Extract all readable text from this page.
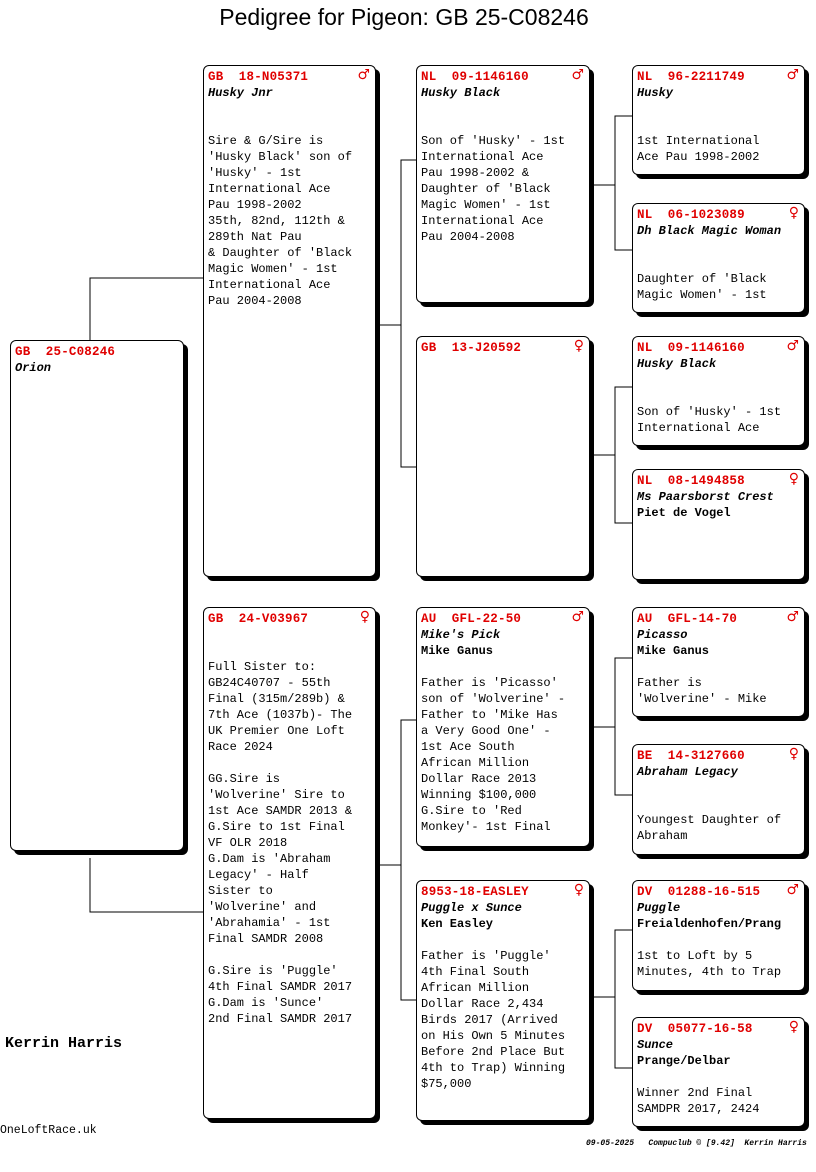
Pedigree for Pigeon: GB 25-C08246
GB  25-C08246
Orion
GB  18-N05371	♂
Husky Jnr
Sire & G/Sire is
'Husky Black' son of
'Husky' - 1st
International Ace
Pau 1998-2002
35th, 82nd, 112th &
289th Nat Pau
& Daughter of 'Black
Magic Women' - 1st
International Ace
Pau 2004-2008
GB  24-V03967	♀

Full Sister to:
GB24C40707 - 55th
Final (315m/289b) &
7th Ace (1037b)- The
UK Premier One Loft
Race 2024

GG.Sire is
'Wolverine' Sire to
1st Ace SAMDR 2013 &
G.Sire to 1st Final
VF OLR 2018
G.Dam is 'Abraham
Legacy' - Half
Sister to
'Wolverine' and
'Abrahamia' - 1st
Final SAMDR 2008

G.Sire is 'Puggle'
4th Final SAMDR 2017
G.Dam is 'Sunce'
2nd Final SAMDR 2017
NL  09-1146160	♂
Husky Black
Son of 'Husky' - 1st
International Ace
Pau 1998-2002 &
Daughter of 'Black
Magic Women' - 1st
International Ace
Pau 2004-2008
GB  13-J20592	♀
AU  GFL-22-50	♂
Mike's Pick
Mike Ganus
Father is 'Picasso'
son of 'Wolverine' -
Father to 'Mike Has
a Very Good One' -
1st Ace South
African Million
Dollar Race 2013
Winning $100,000
G.Sire to 'Red
Monkey'- 1st Final
8953-18-EASLEY	♀
Puggle x Sunce
Ken Easley
Father is 'Puggle'
4th Final South
African Million
Dollar Race 2,434
Birds 2017 (Arrived
on His Own 5 Minutes
Before 2nd Place But
4th to Trap) Winning
$75,000
NL  96-2211749	♂
Husky
1st International
Ace Pau 1998-2002
NL  06-1023089	♀
Dh Black Magic Woman
Daughter of 'Black
Magic Women' - 1st
NL  09-1146160	♂
Husky Black
Son of 'Husky' - 1st
International Ace
NL  08-1494858	♀
Ms Paarsborst Crest
Piet de Vogel
AU  GFL-14-70	♂
Picasso
Mike Ganus
Father is
'Wolverine' - Mike
BE  14-3127660	♀
Abraham Legacy

Youngest Daughter of
Abraham
DV  01288-16-515 ♂
Puggle
Freialdenhofen/Prang
1st to Loft by 5
Minutes, 4th to Trap
DV  05077-16-58	♀
Sunce
Prange/Delbar
Winner 2nd Final
SAMDPR 2017, 2424
Kerrin Harris
OneLoftRace.uk
09-05-2025   Compuclub © [9.42]  Kerrin Harris
